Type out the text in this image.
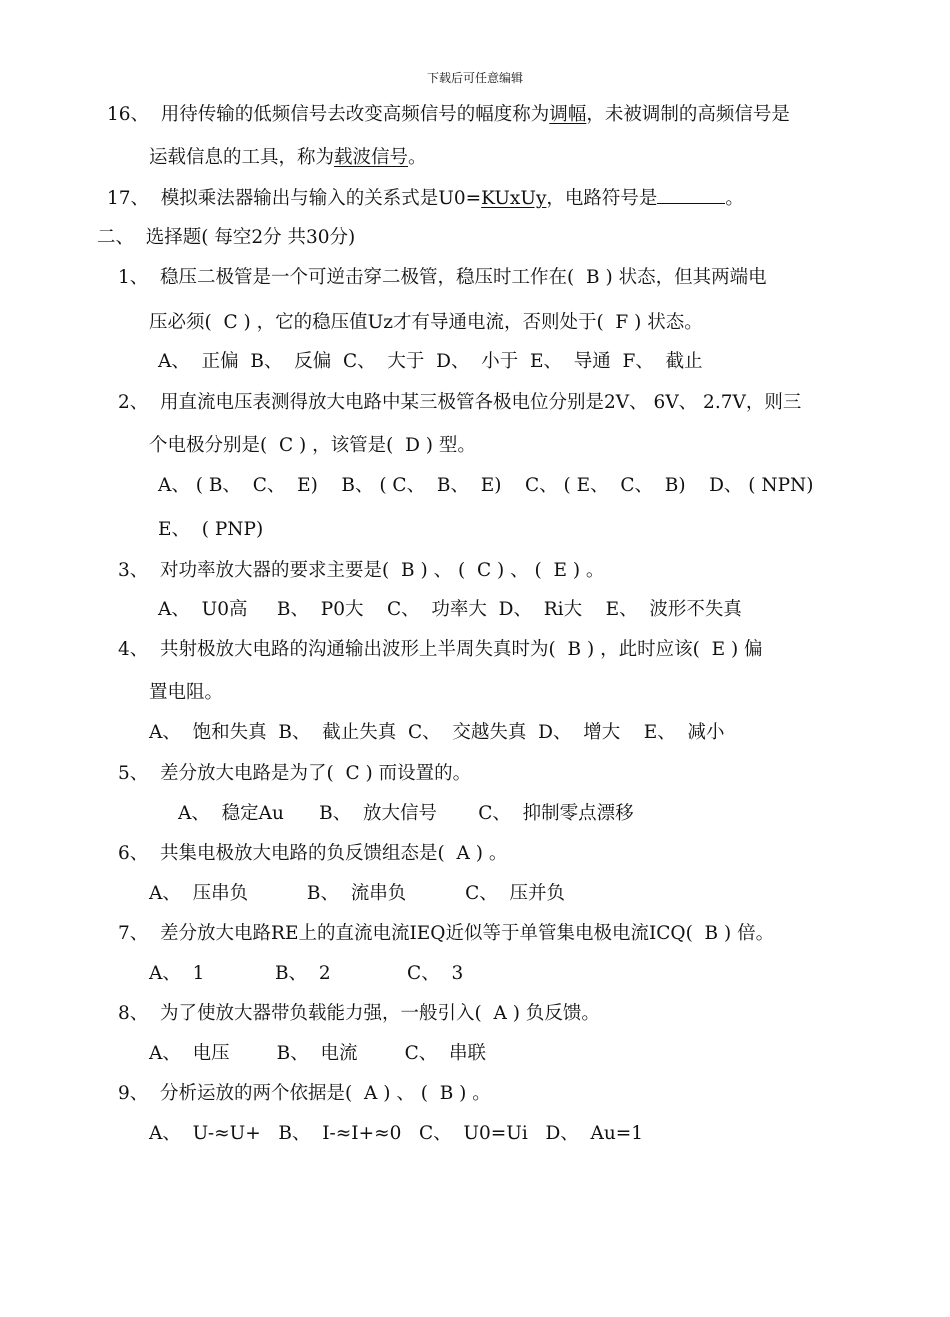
下载后可任意编辑
16、  用待传输的低频信号去改变高频信号的幅度称为调幅，未被调制的高频信号是
运载信息的工具，称为载波信号。
17、  模拟乘法器输出与输入的关系式是U0=KUxUy，电路符号是	。
二、  选择题( 每空2分 共30分)
1、  稳压二极管是一个可逆击穿二极管，稳压时工作在(  B ) 状态，但其两端电
压必须(  C ) ，它的稳压值Uz才有导通电流，否则处于(  F ) 状态。
A、  正偏  B、  反偏  C、  大于  D、  小于  E、  导通  F、  截止
2、  用直流电压表测得放大电路中某三极管各极电位分别是2V、 6V、 2.7V，则三
个电极分别是(  C ) ，该管是(  D ) 型。
A、 ( B、  C、  E)    B、 ( C、  B、  E)    C、 ( E、  C、  B)    D、 ( NPN)
E、  ( PNP)
3、  对功率放大器的要求主要是(  B ) 、 (  C ) 、 (  E ) 。
A、  U0高     B、  P0大    C、  功率大  D、  Ri大    E、  波形不失真
4、  共射极放大电路的沟通输出波形上半周失真时为(  B ) ，此时应该(  E ) 偏
置电阻。
A、  饱和失真  B、  截止失真  C、  交越失真  D、  增大    E、  减小
5、  差分放大电路是为了(  C ) 而设置的。
A、  稳定Au      B、  放大信号       C、  抑制零点漂移
6、  共集电极放大电路的负反馈组态是(  A ) 。
A、  压串负          B、  流串负          C、  压并负
7、  差分放大电路RE上的直流电流IEQ近似等于单管集电极电流ICQ(  B ) 倍。
A、  1            B、  2             C、  3
8、  为了使放大器带负载能力强，一般引入(  A ) 负反馈。
A、  电压        B、  电流        C、  串联
9、  分析运放的两个依据是(  A ) 、 (  B ) 。
A、  U-≈U+   B、  I-≈I+≈0   C、  U0=Ui   D、  Au=1
